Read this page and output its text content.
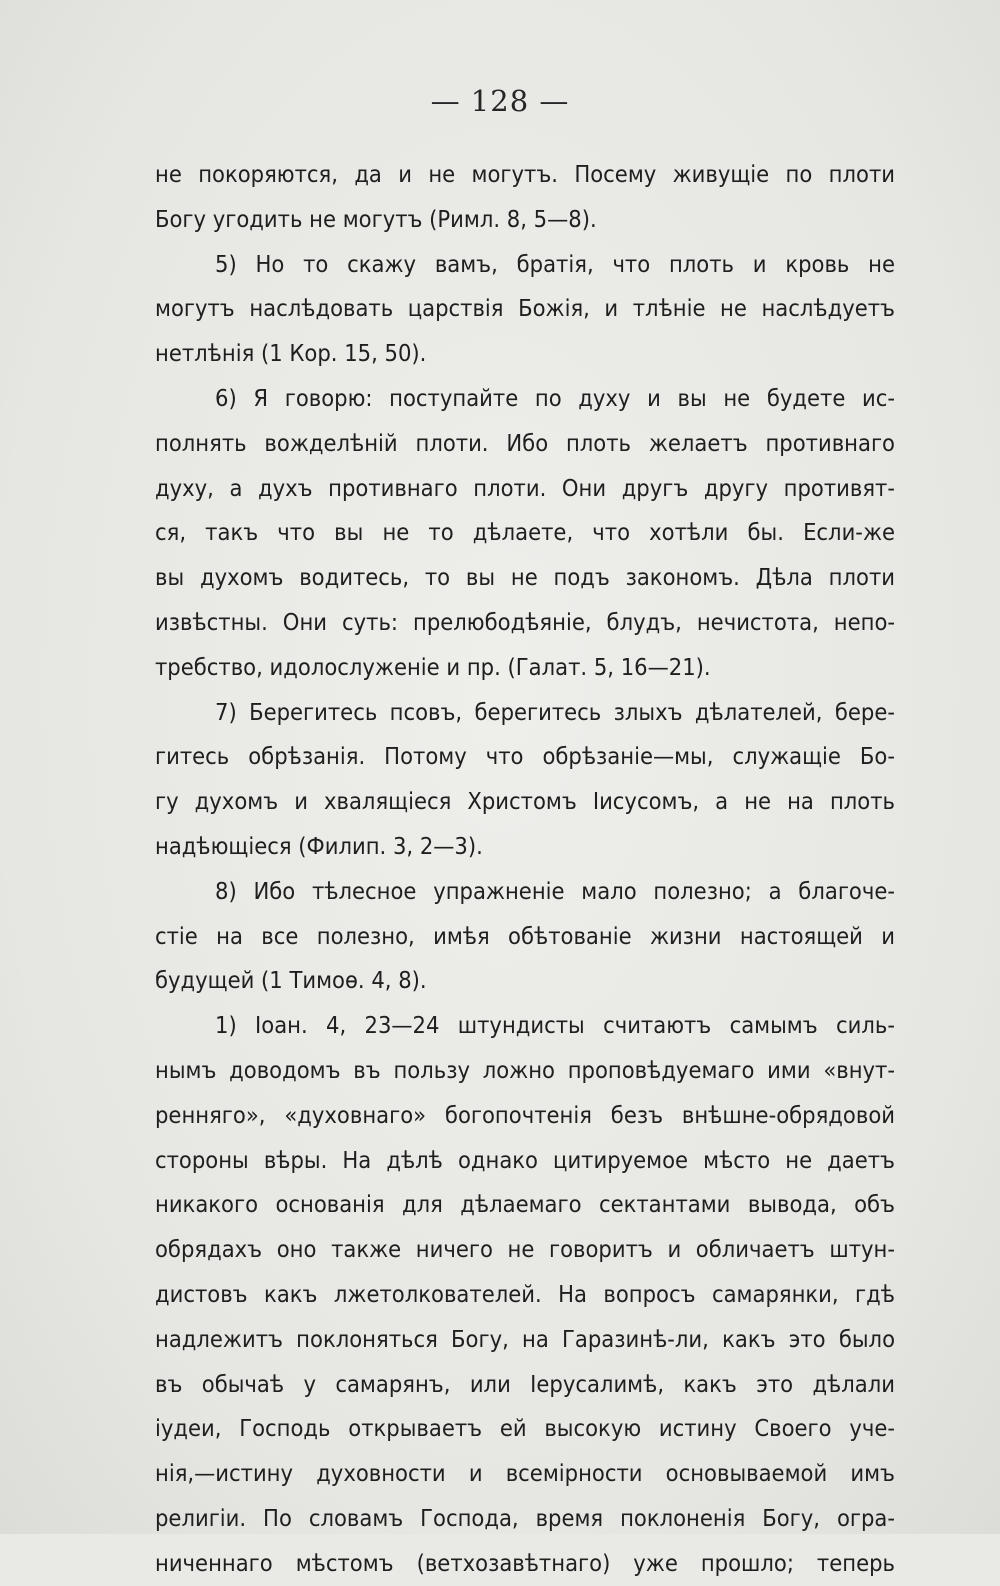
— 128 —
не покоряются, да и не могутъ. Посему живущіе по плоти
Богу угодить не могутъ (Римл. 8, 5—8).
5) Но то скажу вамъ, братія, что плоть и кровь не
могутъ наслѣдовать царствія Божія, и тлѣніе не наслѣдуетъ
нетлѣнія (1 Кор. 15, 50).
6) Я говорю: поступайте по духу и вы не будете ис-
полнять вожделѣній плоти. Ибо плоть желаетъ противнаго
духу, а духъ противнаго плоти. Они другъ другу противят-
ся, такъ что вы не то дѣлаете, что хотѣли бы. Если-же
вы духомъ водитесь, то вы не подъ закономъ. Дѣла плоти
извѣстны. Они суть: прелюбодѣяніе, блудъ, нечистота, непо-
требство, идолослуженіе и пр. (Галат. 5, 16—21).
7) Берегитесь псовъ, берегитесь злыхъ дѣлателей, бере-
гитесь обрѣзанія. Потому что обрѣзаніе—мы, служащіе Бо-
гу духомъ и хвалящіеся Христомъ Іисусомъ, а не на плоть
надѣющіеся (Филип. 3, 2—3).
8) Ибо тѣлесное упражненіе мало полезно; а благоче-
стіе на все полезно, имѣя обѣтованіе жизни настоящей и
будущей (1 Тимоѳ. 4, 8).
1) Іоан. 4, 23—24 штундисты считаютъ самымъ силь-
нымъ доводомъ въ пользу ложно проповѣдуемаго ими «внут-
ренняго», «духовнаго» богопочтенія безъ внѣшне-обрядовой
стороны вѣры. На дѣлѣ однако цитируемое мѣсто не даетъ
никакого основанія для дѣлаемаго сектантами вывода, объ
обрядахъ оно также ничего не говоритъ и обличаетъ штун-
дистовъ какъ лжетолкователей. На вопросъ самарянки, гдѣ
надлежитъ поклоняться Богу, на Гаразинѣ-ли, какъ это было
въ обычаѣ у самарянъ, или Іерусалимѣ, какъ это дѣлали
іудеи, Господь открываетъ ей высокую истину Своего уче-
нія,—истину духовности и всемірности основываемой имъ
религіи. По словамъ Господа, время поклоненія Богу, огра-
ниченнаго мѣстомъ (ветхозавѣтнаго) уже прошло; теперь
